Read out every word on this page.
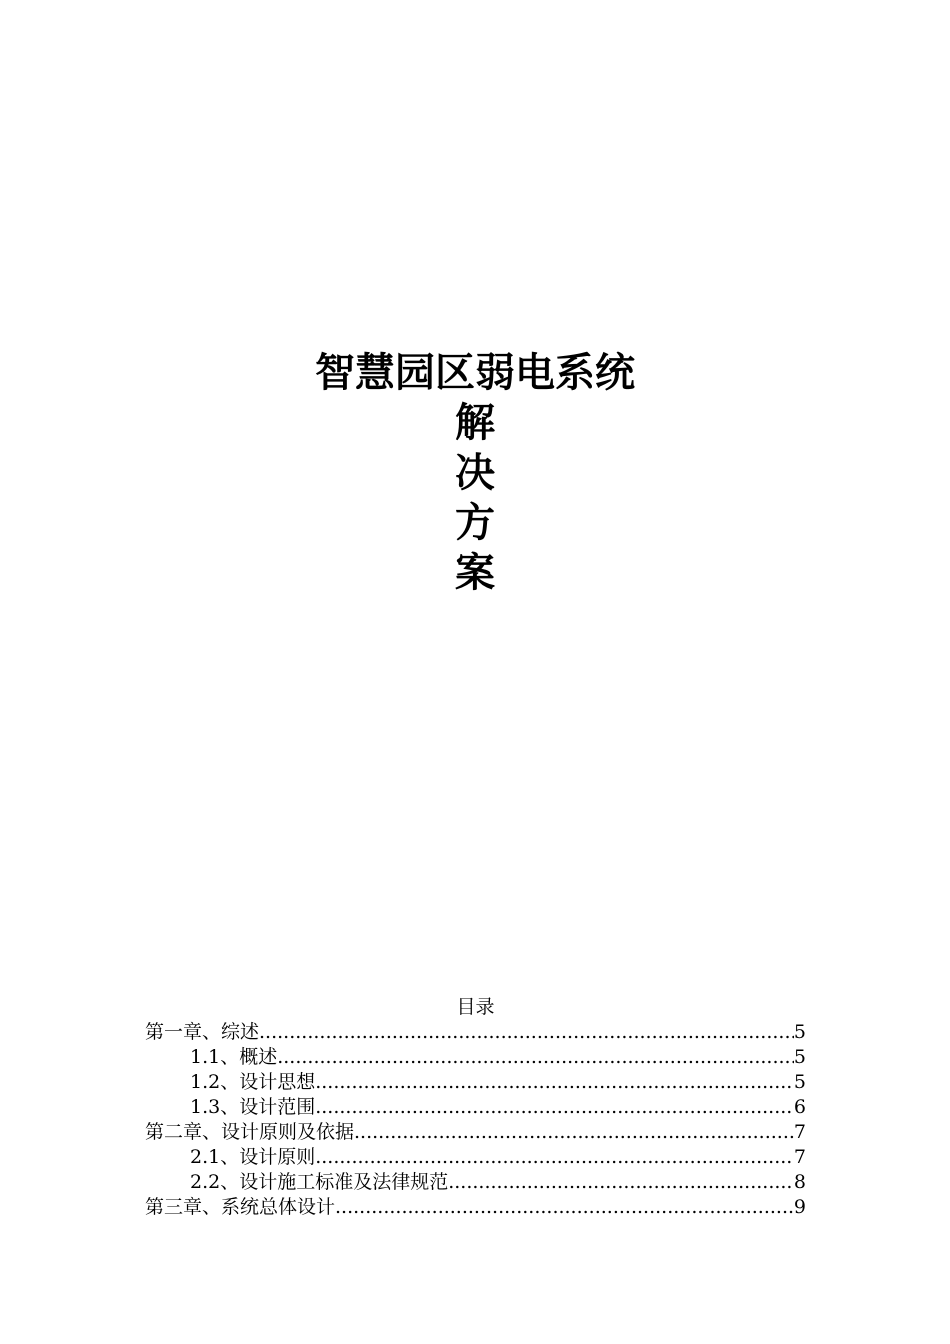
智慧园区弱电系统
解
决
方
案
目录
第一章、综述 .....	5
1.1、概述 .....	5
1.2、设计思想 .....	5
1.3、设计范围 .....	6
第二章、设计原则及依据 .....	7
2.1、设计原则 .....	7
2.2、设计施工标准及法律规范 .....	8
第三章、系统总体设计 .....	9
